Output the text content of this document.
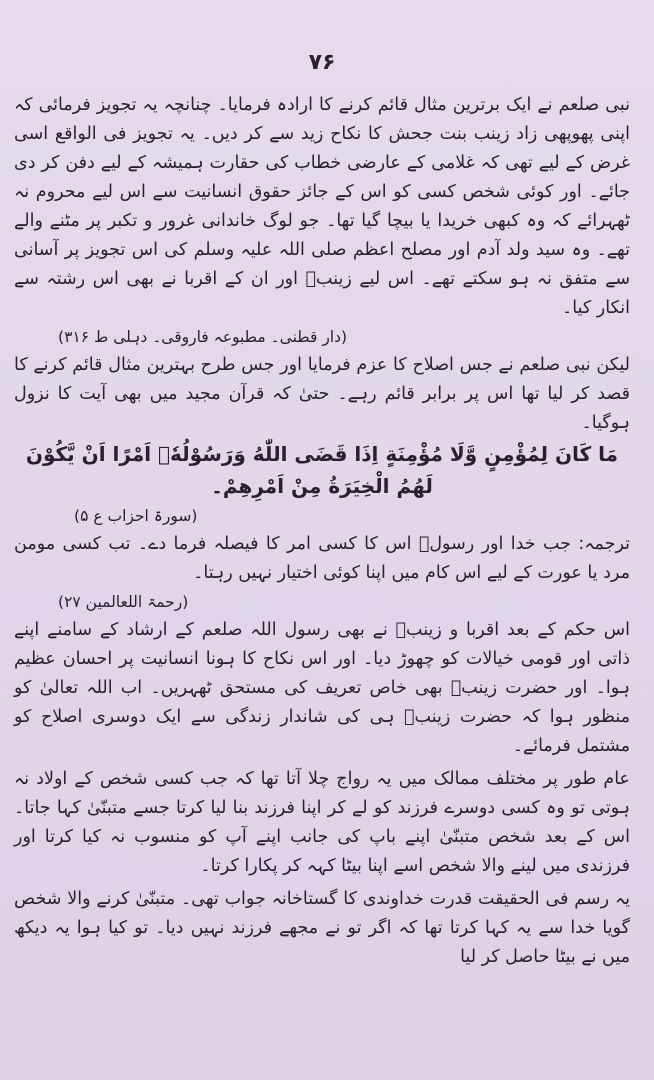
۷۶

نبی صلعم نے ایک برترین مثال قائم کرنے کا ارادہ فرمایا۔ چنانچہ یہ تجویز فرمائی کہ اپنی پھوپھی زاد زینب بنت جحش کا نکاح زید سے کر دیں۔ یہ تجویز فی الواقع اسی غرض کے لیے تھی کہ غلامی کے عارضی خطاب کی حقارت ہمیشہ کے لیے دفن کر دی جائے۔ اور کوئی شخص کسی کو اس کے جائز حقوق انسانیت سے اس لیے محروم نہ ٹھہرائے کہ وہ کبھی خریدا یا بیچا گیا تھا۔ جو لوگ خاندانی غرور و تکبر پر مٹنے والے تھے۔ وہ سید ولد آدم اور مصلح اعظم صلی اللہ علیہ وسلم کی اس تجویز پر آسانی سے متفق نہ ہو سکتے تھے۔ اس لیے زینبؓ اور ان کے اقربا نے بھی اس رشتہ سے انکار کیا۔

(دار قطنی۔ مطبوعہ فاروقی۔ دہلی ط ۳۱۶)

لیکن نبی صلعم نے جس اصلاح کا عزم فرمایا اور جس طرح بہترین مثال قائم کرنے کا قصد کر لیا تھا اس پر برابر قائم رہے۔ حتیٰ کہ قرآن مجید میں بھی آیت کا نزول ہوگیا۔

مَا کَانَ لِمُؤْمِنٍ وَّلَا مُؤْمِنَةٍ اِذَا قَضَى اللّٰهُ وَرَسُوْلُهٗۤ اَمْرًا اَنْ يَّكُوْنَ
لَهُمُ الْخِيَرَةُ مِنْ اَمْرِهِمْ۔
(سورۃ احزاب ع ۵)

ترجمہ: جب خدا اور رسولؐ اس کا کسی امر کا فیصلہ فرما دے۔ تب کسی مومن مرد یا عورت کے لیے اس کام میں اپنا کوئی اختیار نہیں رہتا۔

(رحمۃ اللعالمین ۲۷)

اس حکم کے بعد اقربا و زینبؓ نے بھی رسول اللہ صلعم کے ارشاد کے سامنے اپنے ذاتی اور قومی خیالات کو چھوڑ دیا۔ اور اس نکاح کا ہونا انسانیت پر احسان عظیم ہوا۔ اور حضرت زینبؓ بھی خاص تعریف کی مستحق ٹھہریں۔ اب اللہ تعالیٰ کو منظور ہوا کہ حضرت زینبؓ ہی کی شاندار زندگی سے ایک دوسری اصلاح کو مشتمل فرمائے۔

عام طور پر مختلف ممالک میں یہ رواج چلا آتا تھا کہ جب کسی شخص کے اولاد نہ ہوتی تو وہ کسی دوسرے فرزند کو لے کر اپنا فرزند بنا لیا کرتا جسے متبنّیٰ کہا جاتا۔ اس کے بعد شخص متبنّیٰ اپنے باپ کی جانب اپنے آپ کو منسوب نہ کیا کرتا اور فرزندی میں لینے والا شخص اسے اپنا بیٹا کہہ کر پکارا کرتا۔

یہ رسم فی الحقیقت قدرت خداوندی کا گستاخانہ جواب تھی۔ متبنّیٰ کرنے والا شخص گویا خدا سے یہ کہا کرتا تھا کہ اگر تو نے مجھے فرزند نہیں دیا۔ تو کیا ہوا یہ دیکھ میں نے بیٹا حاصل کر لیا
